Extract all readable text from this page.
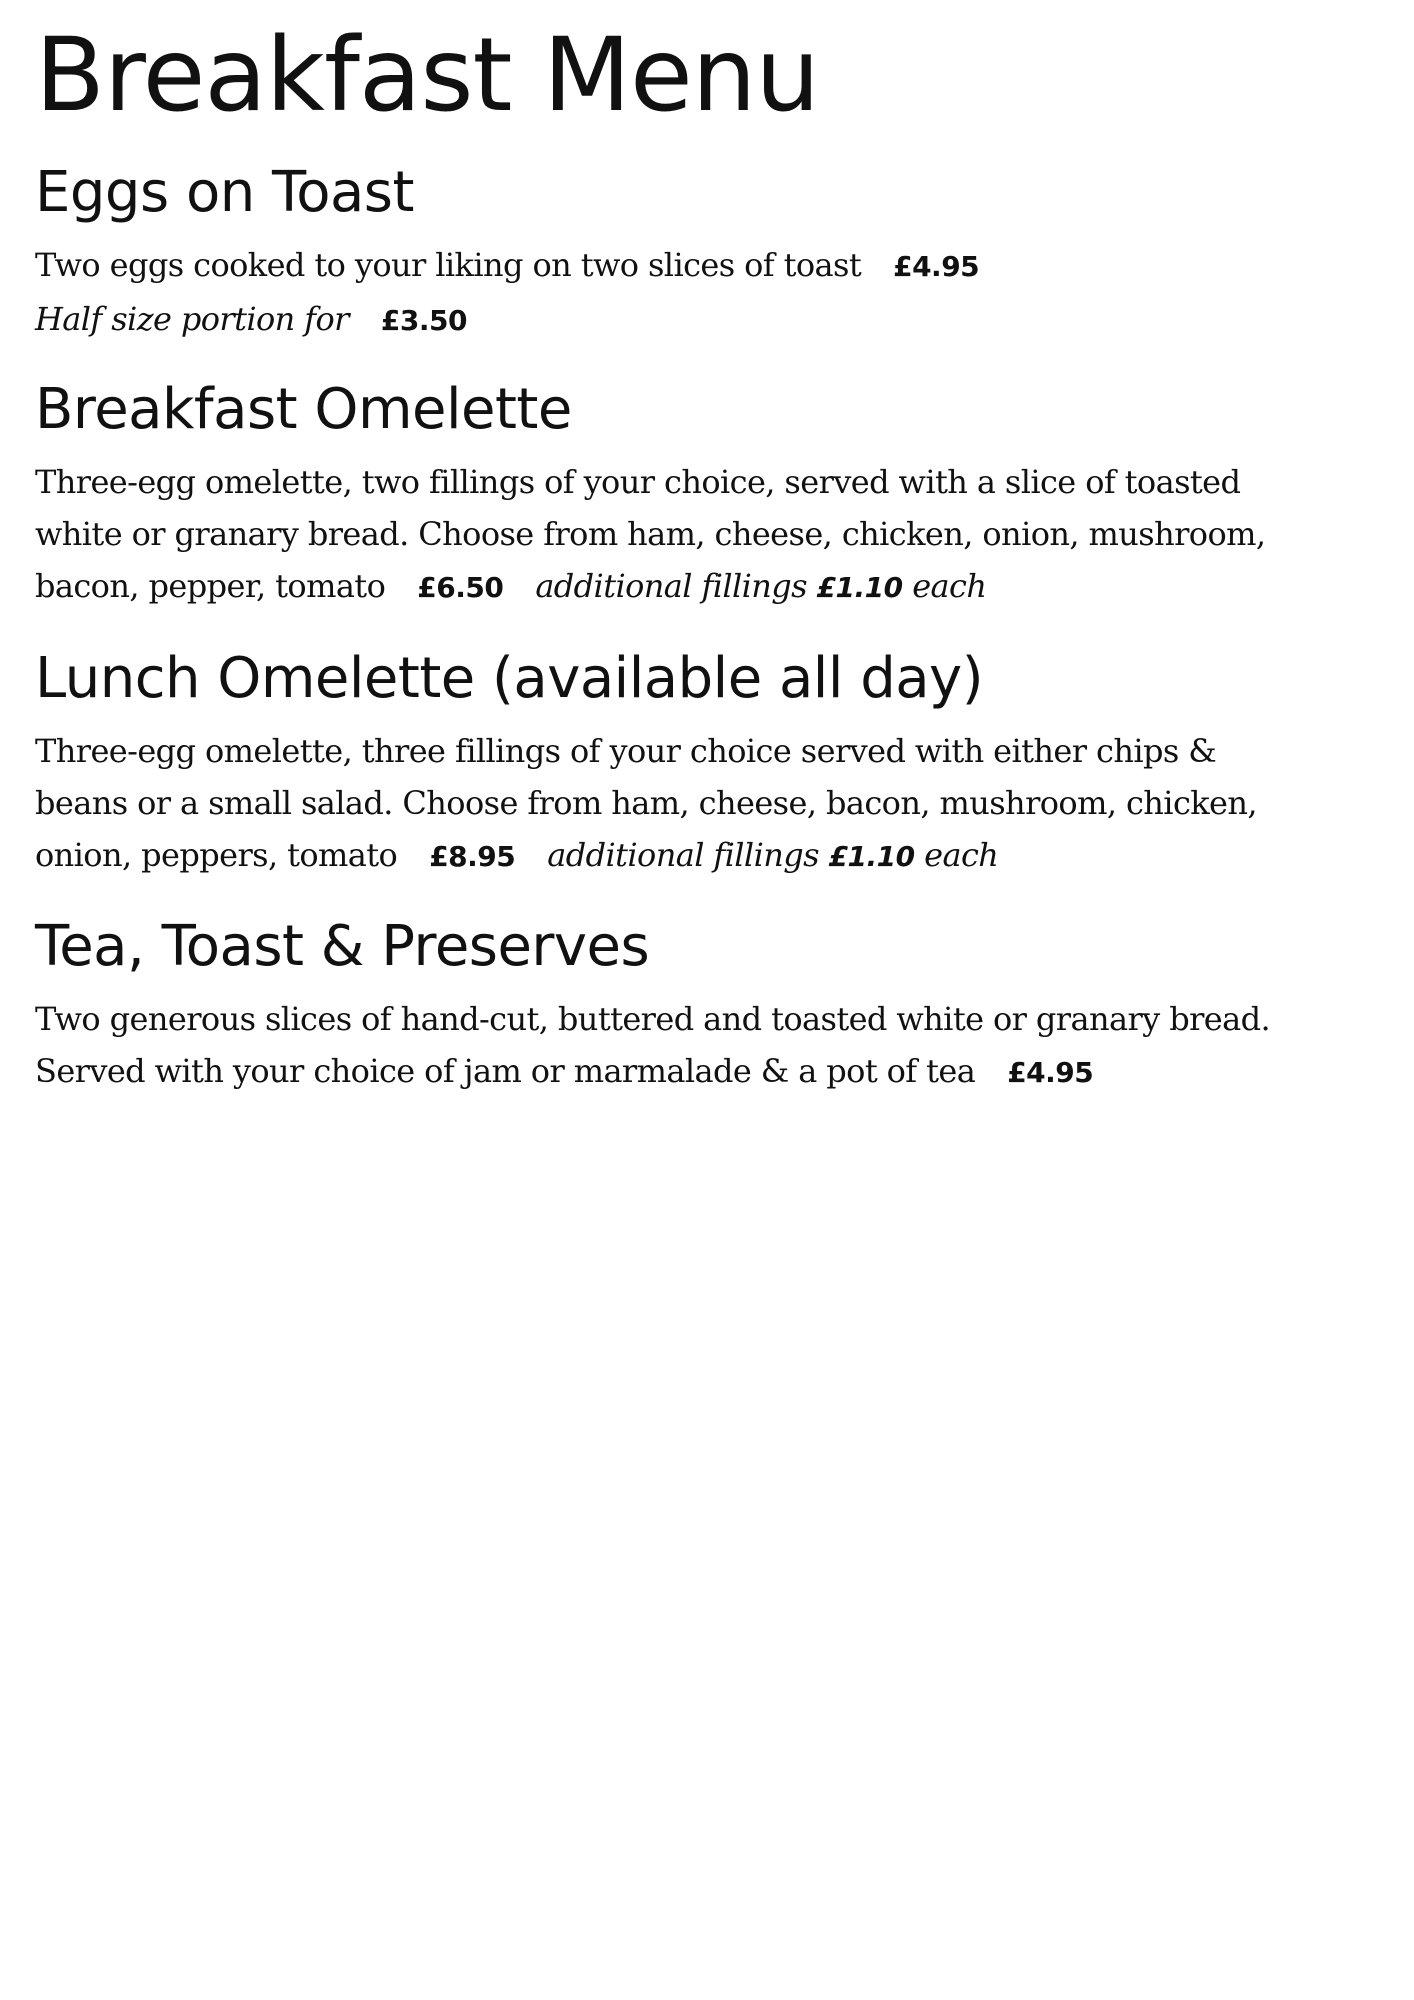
Breakfast Menu
Eggs on Toast

Two eggs cooked to your liking on two slices of toast £4.95

Half size portion for £3.50

Breakfast Omelette

Three-egg omelette, two fillings of your choice, served with a slice of toasted

white or granary bread. Choose from ham, cheese, chicken, onion, mushroom,

bacon, pepper, tomato £6.50 additional fillings £1.10 each

Lunch Omelette (available all day)

Three-egg omelette, three fillings of your choice served with either chips &

beans or a small salad. Choose from ham, cheese, bacon, mushroom, chicken,

onion, peppers, tomato £8.95 additional fillings £1.10 each

Tea, Toast & Preserves

Two generous slices of hand-cut, buttered and toasted white or granary bread.

Served with your choice of jam or marmalade & a pot of tea £4.95
